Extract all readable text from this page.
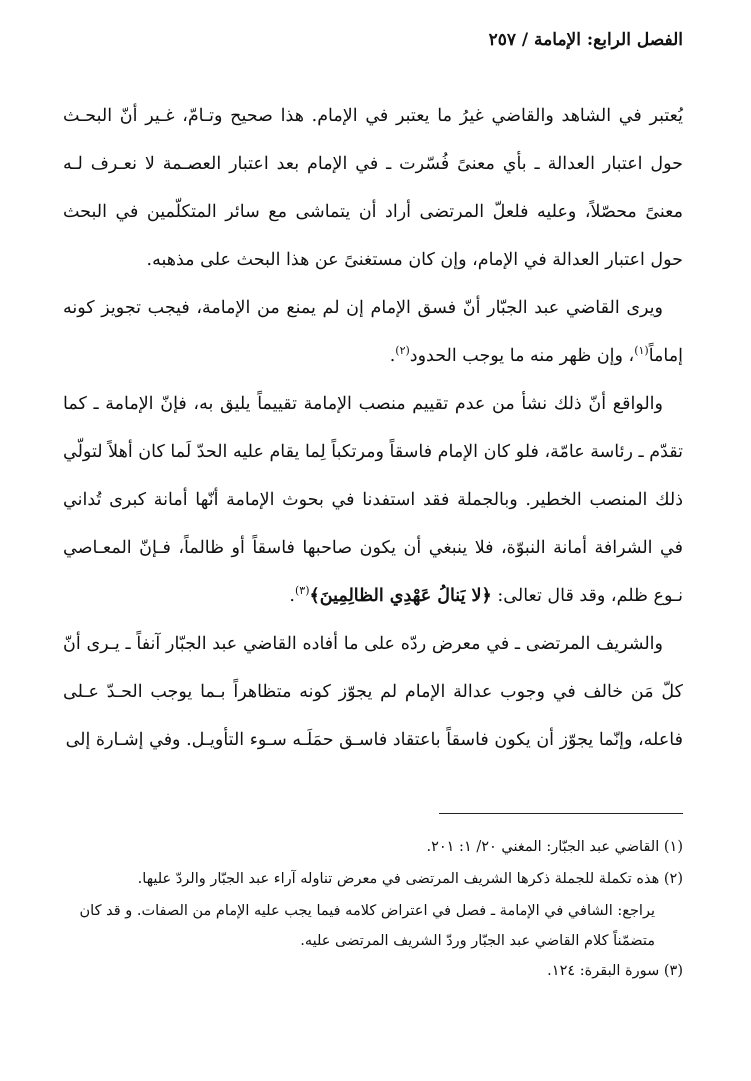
الفصل الرابع: الإمامة / ٢٥٧

يُعتبر في الشاهد والقاضي غيرُ ما يعتبر في الإمام. هذا صحيح وتـامّ، غـير أنّ البحـث حول اعتبار العدالة ـ بأي معنىً فُسّرت ـ في الإمام بعد اعتبار العصـمة لا نعـرف لـه معنىً محصّلاً، وعليه فلعلّ المرتضى أراد أن يتماشى مع سائر المتكلّمين في البحث حول اعتبار العدالة في الإمام، وإن كان مستغنىً عن هذا البحث على مذهبه.

ويرى القاضي عبد الجبّار أنّ فسق الإمام إن لم يمنع من الإمامة، فيجب تجويز كونه إماماً$^{(١)}$، وإن ظهر منه ما يوجب الحدود$^{(٢)}$.

والواقع أنّ ذلك نشأ من عدم تقييم منصب الإمامة تقييماً يليق به، فإنّ الإمامة ـ كما تقدّم ـ رئاسة عامّة، فلو كان الإمام فاسقاً ومرتكباً لِما يقام عليه الحدّ لَما كان أهلاً لتولّي ذلك المنصب الخطير. وبالجملة فقد استفدنا في بحوث الإمامة أنّها أمانة كبرى تُداني في الشرافة أمانة النبوّة، فلا ينبغي أن يكون صاحبها فاسقاً أو ظالماً، فـإنّ المعـاصي نـوع ظلم، وقد قال تعالى: ﴿لا يَنالُ عَهْدِي الظالِمِينَ﴾$^{(٣)}$.

والشريف المرتضى ـ في معرض ردّه على ما أفاده القاضي عبد الجبّار آنفاً ـ يـرى أنّ كلّ مَن خالف في وجوب عدالة الإمام لم يجوّز كونه متظاهراً بـما يوجب الحـدّ عـلى فاعله، وإنّما يجوّز أن يكون فاسقاً باعتقاد فاسـق حمَلَـه سـوء التأويـل. وفي إشـارة إلى

(١) القاضي عبد الجبّار: المغني ٢٠/ ١: ٢٠١.

(٢) هذه تكملة للجملة ذكرها الشريف المرتضى في معرض تناوله آراء عبد الجبّار والردّ عليها.

يراجع: الشافي في الإمامة ـ فصل في اعتراض كلامه فيما يجب عليه الإمام من الصفات. و قد كان متضمّناً كلام القاضي عبد الجبّار وردّ الشريف المرتضى عليه.

(٣) سورة البقرة: ١٢٤.
